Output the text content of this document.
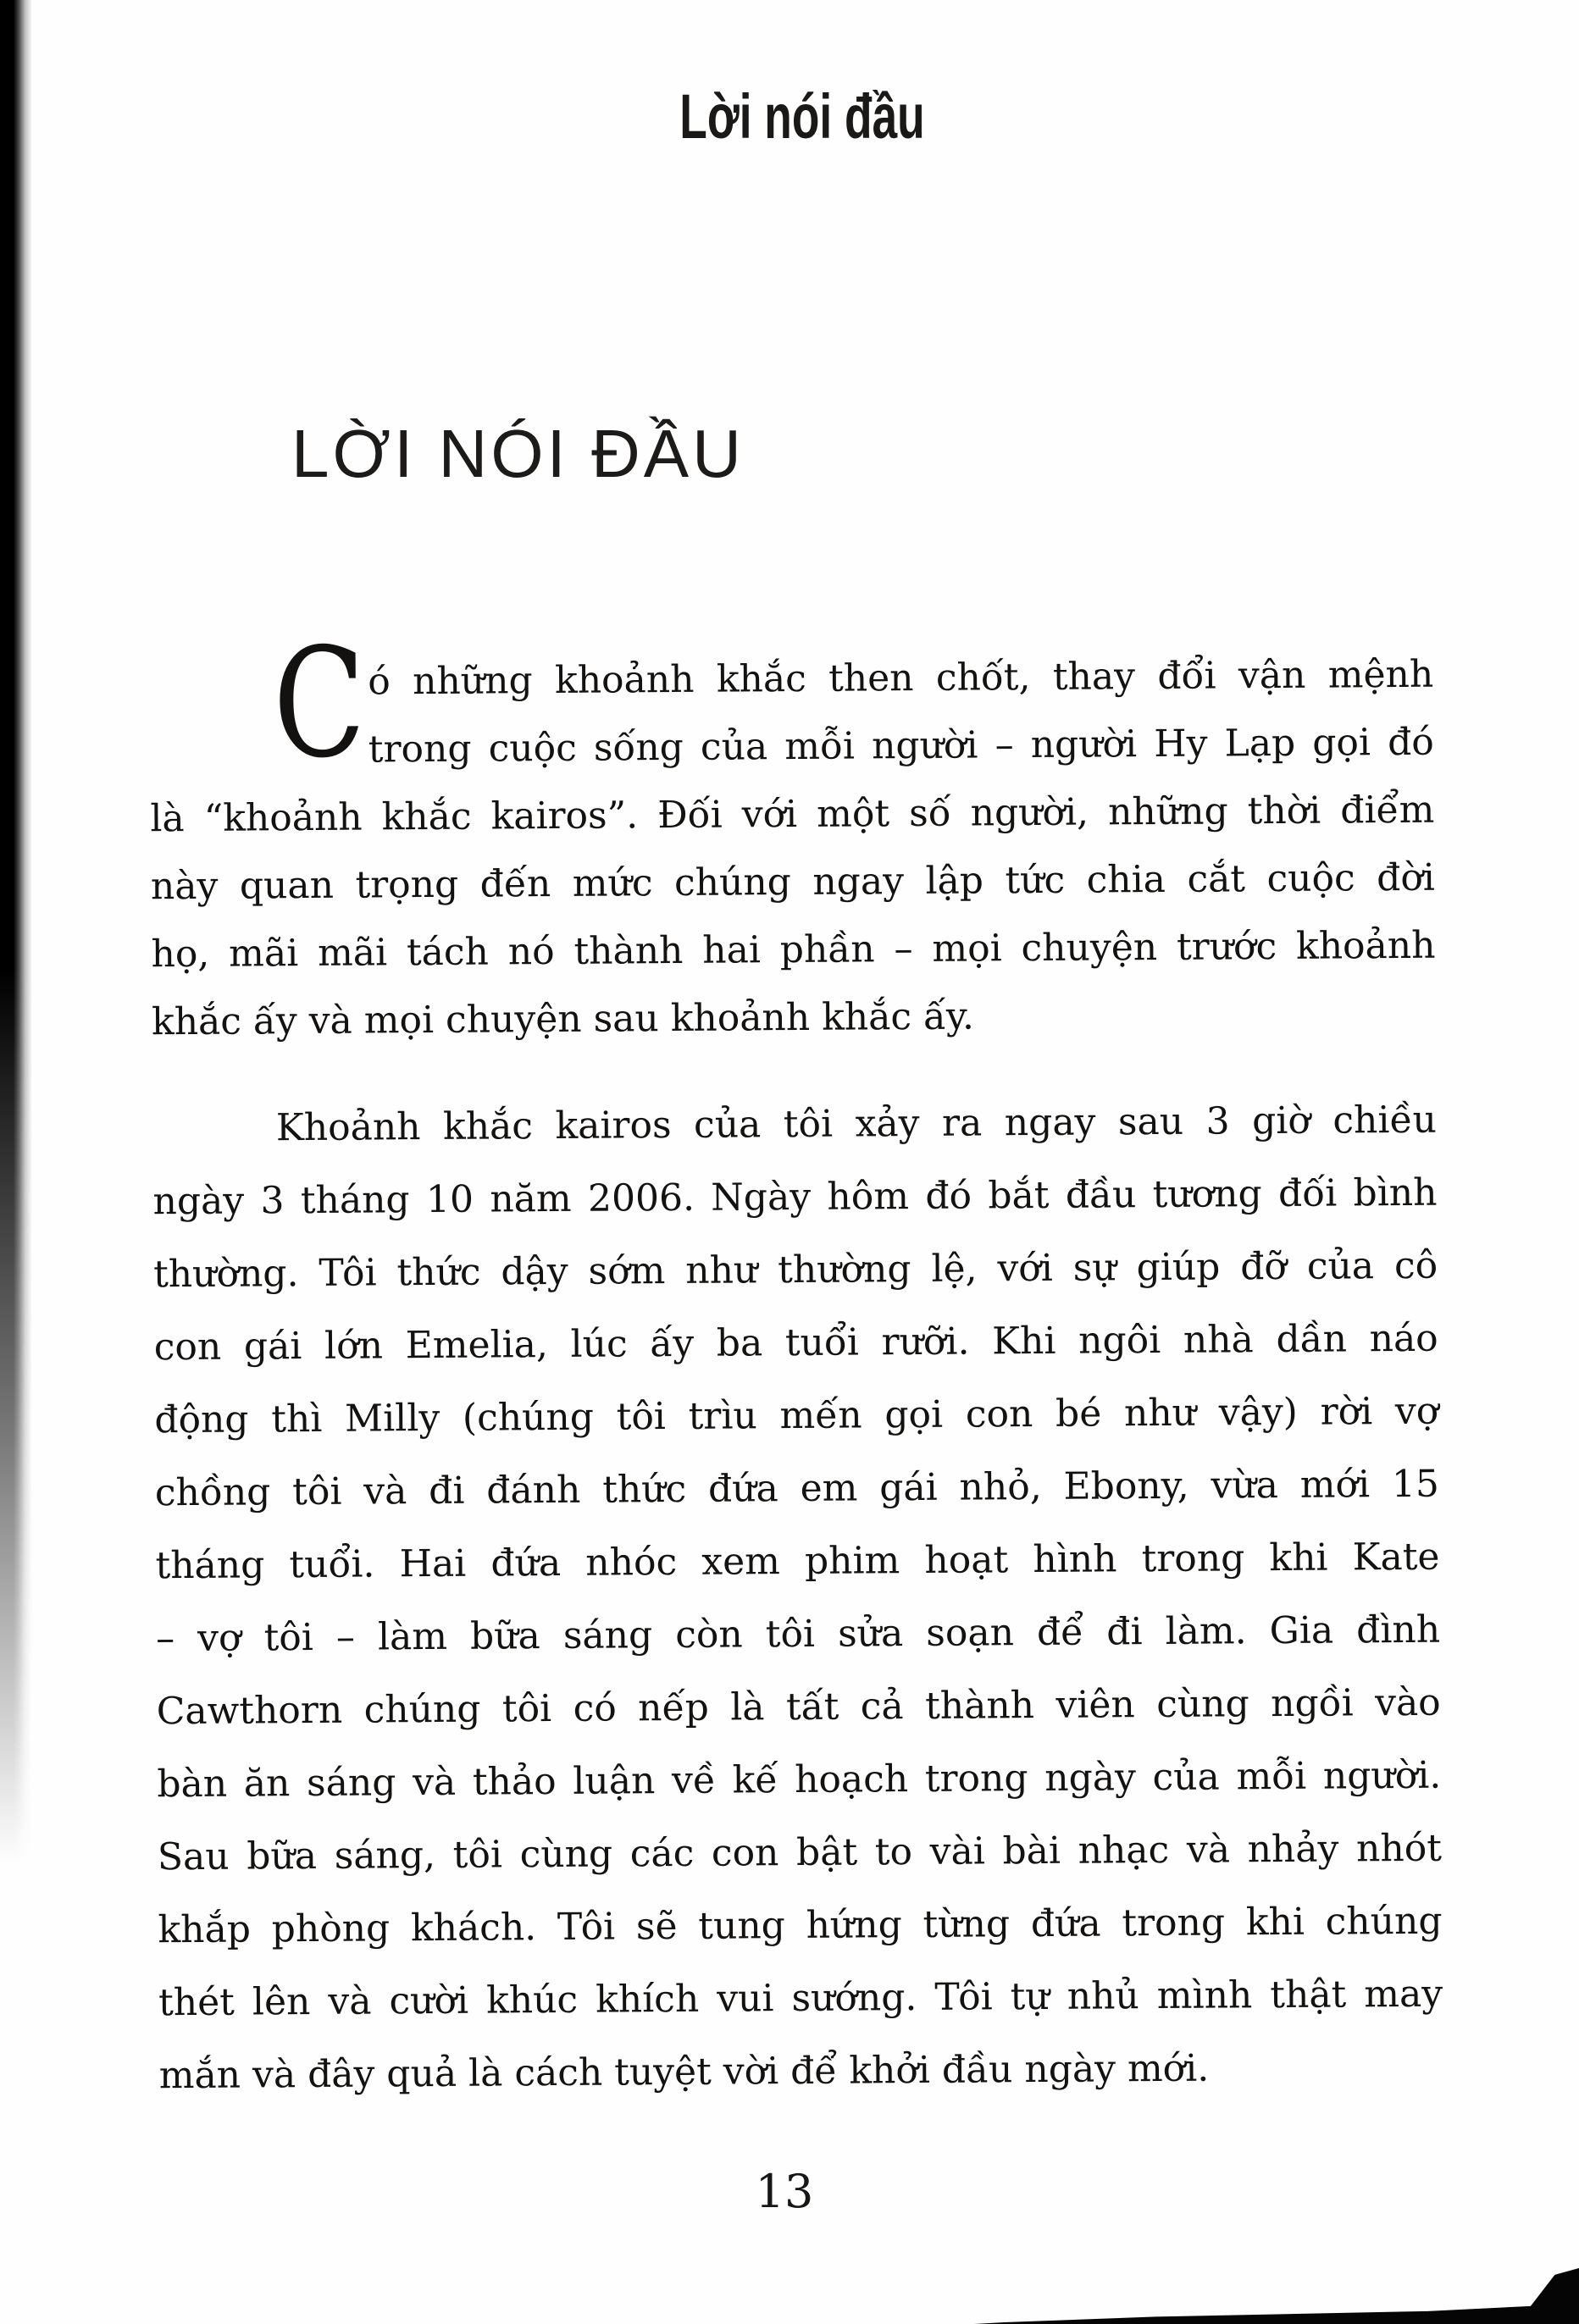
Lời nói đầu
LỜI NÓI ĐẦU
C ó những khoảnh khắc then chốt, thay đổi vận mệnh
trong cuộc sống của mỗi người – người Hy Lạp gọi đó
là “khoảnh khắc kairos”. Đối với một số người, những thời điểm
này quan trọng đến mức chúng ngay lập tức chia cắt cuộc đời
họ, mãi mãi tách nó thành hai phần – mọi chuyện trước khoảnh
khắc ấy và mọi chuyện sau khoảnh khắc ấy.
Khoảnh khắc kairos của tôi xảy ra ngay sau 3 giờ chiều
ngày 3 tháng 10 năm 2006. Ngày hôm đó bắt đầu tương đối bình
thường. Tôi thức dậy sớm như thường lệ, với sự giúp đỡ của cô
con gái lớn Emelia, lúc ấy ba tuổi rưỡi. Khi ngôi nhà dần náo
động thì Milly (chúng tôi trìu mến gọi con bé như vậy) rời vợ
chồng tôi và đi đánh thức đứa em gái nhỏ, Ebony, vừa mới 15
tháng tuổi. Hai đứa nhóc xem phim hoạt hình trong khi Kate
– vợ tôi – làm bữa sáng còn tôi sửa soạn để đi làm. Gia đình
Cawthorn chúng tôi có nếp là tất cả thành viên cùng ngồi vào
bàn ăn sáng và thảo luận về kế hoạch trong ngày của mỗi người.
Sau bữa sáng, tôi cùng các con bật to vài bài nhạc và nhảy nhót
khắp phòng khách. Tôi sẽ tung hứng từng đứa trong khi chúng
thét lên và cười khúc khích vui sướng. Tôi tự nhủ mình thật may
mắn và đây quả là cách tuyệt vời để khởi đầu ngày mới.
13
